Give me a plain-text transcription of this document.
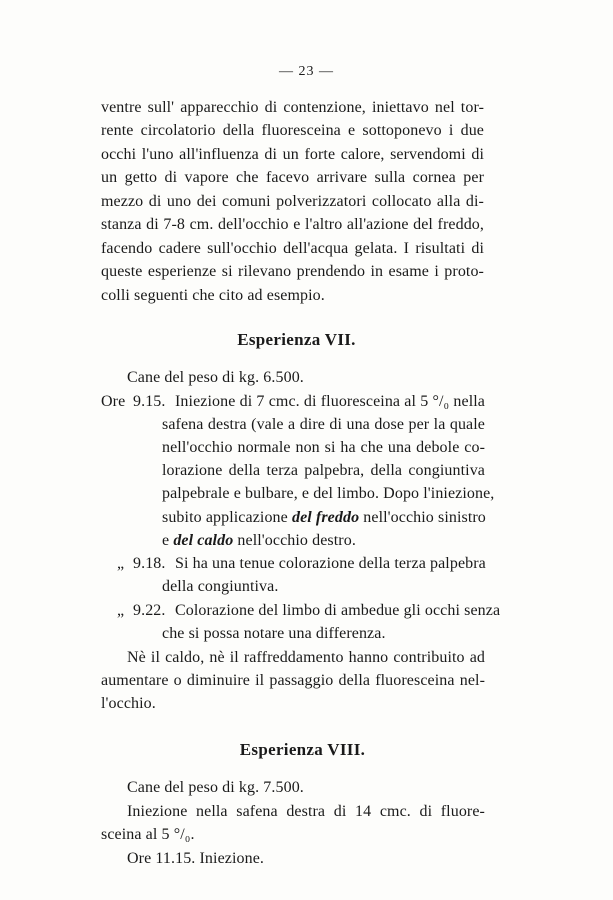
— 23 —
ventre sull' apparecchio di contenzione, iniettavo nel tor-
rente circolatorio della fluoresceina e sottoponevo i due
occhi l'uno all'influenza di un forte calore, servendomi di
un getto di vapore che facevo arrivare sulla cornea per
mezzo di uno dei comuni polverizzatori collocato alla di-
stanza di 7-8 cm. dell'occhio e l'altro all'azione del freddo,
facendo cadere sull'occhio dell'acqua gelata. I risultati di
queste esperienze si rilevano prendendo in esame i proto-
colli seguenti che cito ad esempio.
Esperienza VII.
Cane del peso di kg. 6.500.
Ore 9.15. Iniezione di 7 cmc. di fluoresceina al 5 °/₀ nella
safena destra (vale a dire di una dose per la quale
nell'occhio normale non si ha che una debole co-
lorazione della terza palpebra, della congiuntiva
palpebrale e bulbare, e del limbo. Dopo l'iniezione,
subito applicazione del freddo nell'occhio sinistro
e del caldo nell'occhio destro.
„ 9.18. Si ha una tenue colorazione della terza palpebra
della congiuntiva.
„ 9.22. Colorazione del limbo di ambedue gli occhi senza
che si possa notare una differenza.
Nè il caldo, nè il raffreddamento hanno contribuito ad
aumentare o diminuire il passaggio della fluoresceina nel-
l'occhio.
Esperienza VIII.
Cane del peso di kg. 7.500.
Iniezione nella safena destra di 14 cmc. di fluore-
sceina al 5 °/₀.
Ore 11.15. Iniezione.
